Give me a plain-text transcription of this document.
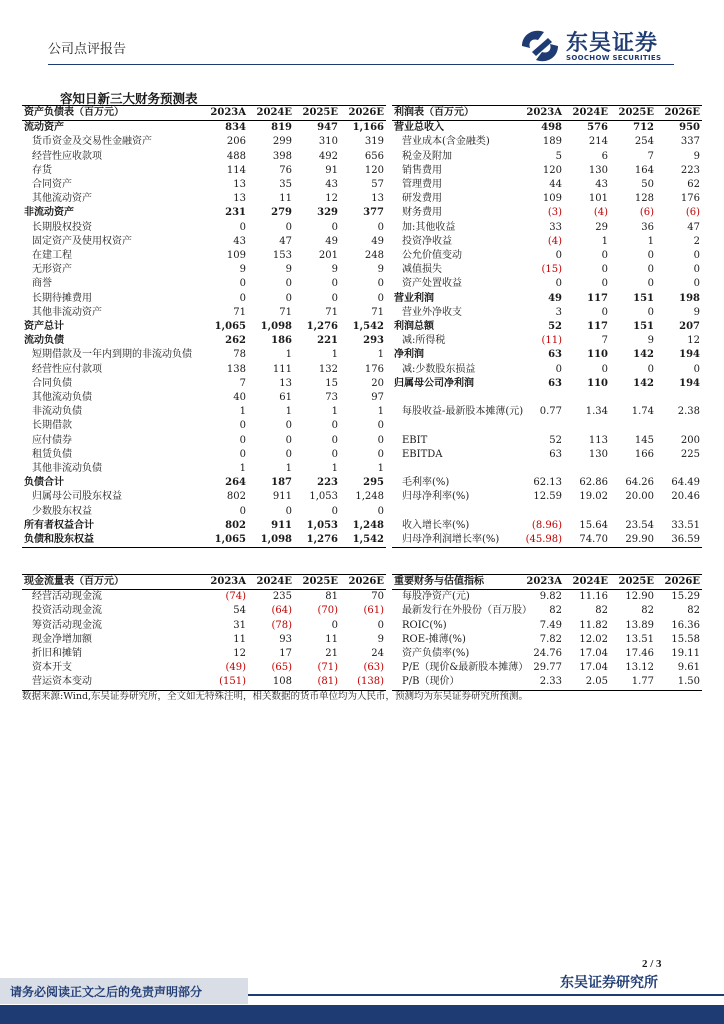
公司点评报告	东吴证券
SOOCHOW SECURITIES
容知日新三大财务预测表
资产负债表（百万元）	2023A	2024E	2025E	2026E
流动资产	834	819	947	1,166
货币资金及交易性金融资产	206	299	310	319
经营性应收款项	488	398	492	656
存货	114	76	91	120
合同资产	13	35	43	57
其他流动资产	13	11	12	13
非流动资产	231	279	329	377
长期股权投资	0	0	0	0
固定资产及使用权资产	43	47	49	49
在建工程	109	153	201	248
无形资产	9	9	9	9
商誉	0	0	0	0
长期待摊费用	0	0	0	0
其他非流动资产	71	71	71	71
资产总计	1,065	1,098	1,276	1,542
流动负债	262	186	221	293
短期借款及一年内到期的非流动负债	78	1	1	1
经营性应付款项	138	111	132	176
合同负债	7	13	15	20
其他流动负债	40	61	73	97
非流动负债	1	1	1	1
长期借款	0	0	0	0
应付债券	0	0	0	0
租赁负债	0	0	0	0
其他非流动负债	1	1	1	1
负债合计	264	187	223	295
归属母公司股东权益	802	911	1,053	1,248
少数股东权益	0	0	0	0
所有者权益合计	802	911	1,053	1,248
负债和股东权益	1,065	1,098	1,276	1,542
利润表（百万元）	2023A	2024E	2025E	2026E
营业总收入	498	576	712	950
营业成本(含金融类)	189	214	254	337
税金及附加	5	6	7	9
销售费用	120	130	164	223
管理费用	44	43	50	62
研发费用	109	101	128	176
财务费用	(3)	(4)	(6)	(6)
加:其他收益	33	29	36	47
投资净收益	(4)	1	1	2
公允价值变动	0	0	0	0
减值损失	(15)	0	0	0
资产处置收益	0	0	0	0
营业利润	49	117	151	198
营业外净收支	3	0	0	9
利润总额	52	117	151	207
减:所得税	(11)	7	9	12
净利润	63	110	142	194
减:少数股东损益	0	0	0	0
归属母公司净利润	63	110	142	194

每股收益-最新股本摊薄(元)	0.77	1.34	1.74	2.38

EBIT	52	113	145	200
EBITDA	63	130	166	225

毛利率(%)	62.13	62.86	64.26	64.49
归母净利率(%)	12.59	19.02	20.00	20.46

收入增长率(%)	(8.96)	15.64	23.54	33.51
归母净利润增长率(%)	(45.98)	74.70	29.90	36.59
现金流量表（百万元）	2023A	2024E	2025E	2026E
经营活动现金流	(74)	235	81	70
投资活动现金流	54	(64)	(70)	(61)
筹资活动现金流	31	(78)	0	0
现金净增加额	11	93	11	9
折旧和摊销	12	17	21	24
资本开支	(49)	(65)	(71)	(63)
营运资本变动	(151)	108	(81)	(138)
重要财务与估值指标	2023A	2024E	2025E	2026E
每股净资产(元)	9.82	11.16	12.90	15.29
最新发行在外股份（百万股）	82	82	82	82
ROIC(%)	7.49	11.82	13.89	16.36
ROE-摊薄(%)	7.82	12.02	13.51	15.58
资产负债率(%)	24.76	17.04	17.46	19.11
P/E（现价&最新股本摊薄）	29.77	17.04	13.12	9.61
P/B（现价）	2.33	2.05	1.77	1.50
数据来源:Wind,东吴证券研究所，全文如无特殊注明，相关数据的货币单位均为人民币，预测均为东吴证券研究所预测。
2 / 3
请务必阅读正文之后的免责声明部分
东吴证券研究所
